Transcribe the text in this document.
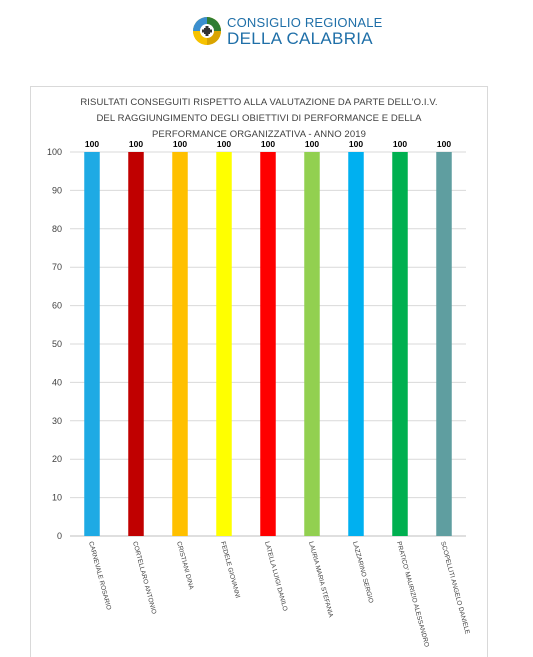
CONSIGLIO REGIONALE
DELLA CALABRIA
RISULTATI CONSEGUITI RISPETTO ALLA VALUTAZIONE DA PARTE DELL'O.I.V.
DEL RAGGIUNGIMENTO DEGLI OBIETTIVI DI PERFORMANCE E DELLA
PERFORMANCE ORGANIZZATIVA - ANNO 2019
0
10
20
30
40
50
60
70
80
90
100
100
CARNEVALE ROSARIO
100
CORTELLARO ANTONIO
100
CRISTIANI DINA
100
FEDELE GIOVANNI
100
LATELLA LUIGI DANILO
100
LAURIA MARIA STEFANIA
100
LAZZARINO SERGIO
100
PRATICO' MAURIZIO ALESSANDRO
100
SCOPELLITI ANGELO DANIELE
